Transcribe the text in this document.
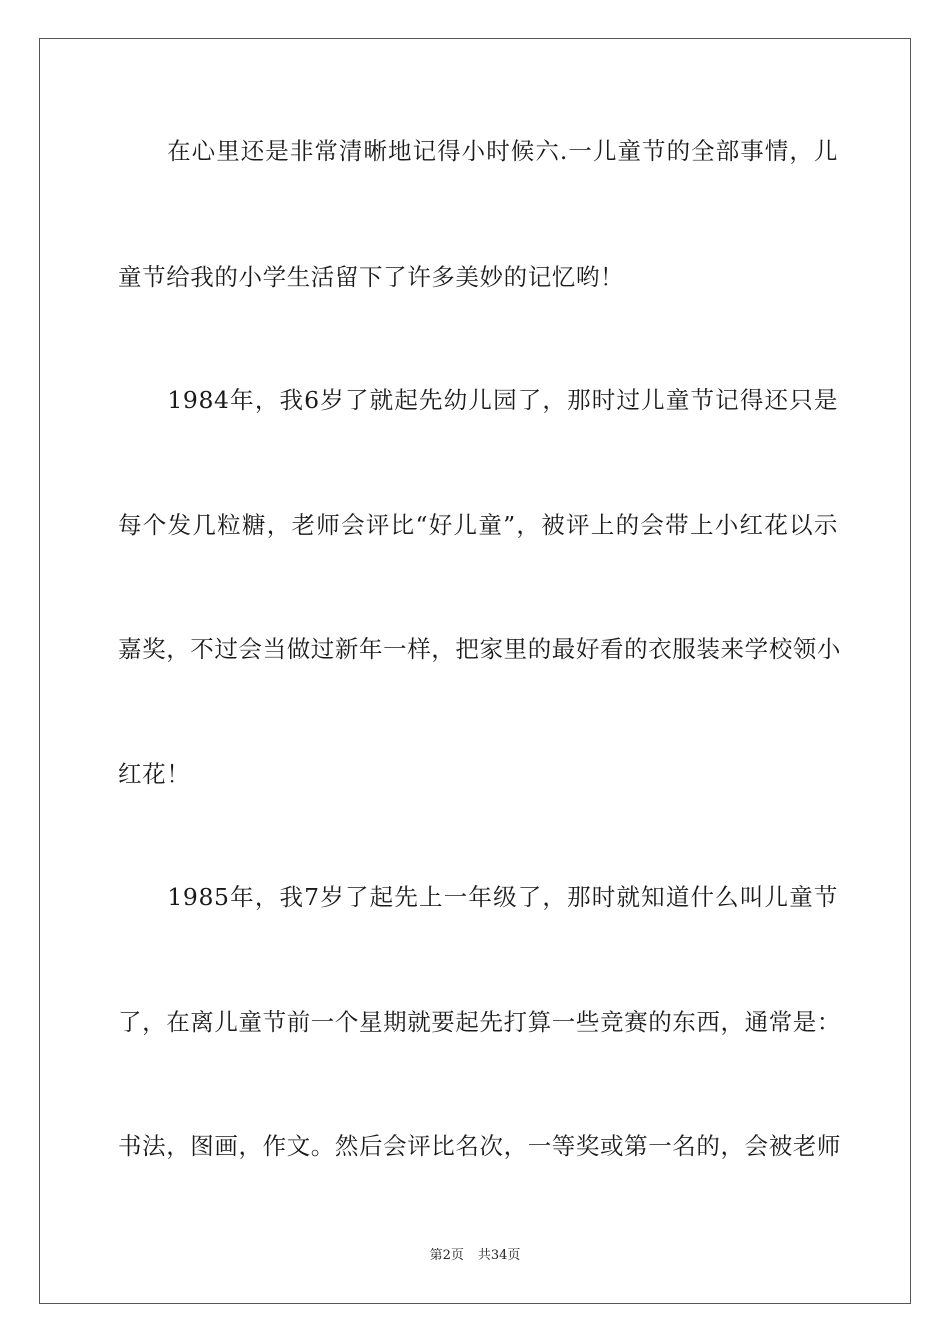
　　在心里还是非常清晰地记得小时候六.一儿童节的全部事情，儿
童节给我的小学生活留下了许多美妙的记忆哟！
　　1984年，我6岁了就起先幼儿园了，那时过儿童节记得还只是
每个发几粒糖，老师会评比“好儿童”，被评上的会带上小红花以示
嘉奖，不过会当做过新年一样，把家里的最好看的衣服装来学校领小
红花！
　　1985年，我7岁了起先上一年级了，那时就知道什么叫儿童节
了，在离儿童节前一个星期就要起先打算一些竞赛的东西，通常是：
书法，图画，作文。然后会评比名次，一等奖或第一名的，会被老师
第2页 共34页
